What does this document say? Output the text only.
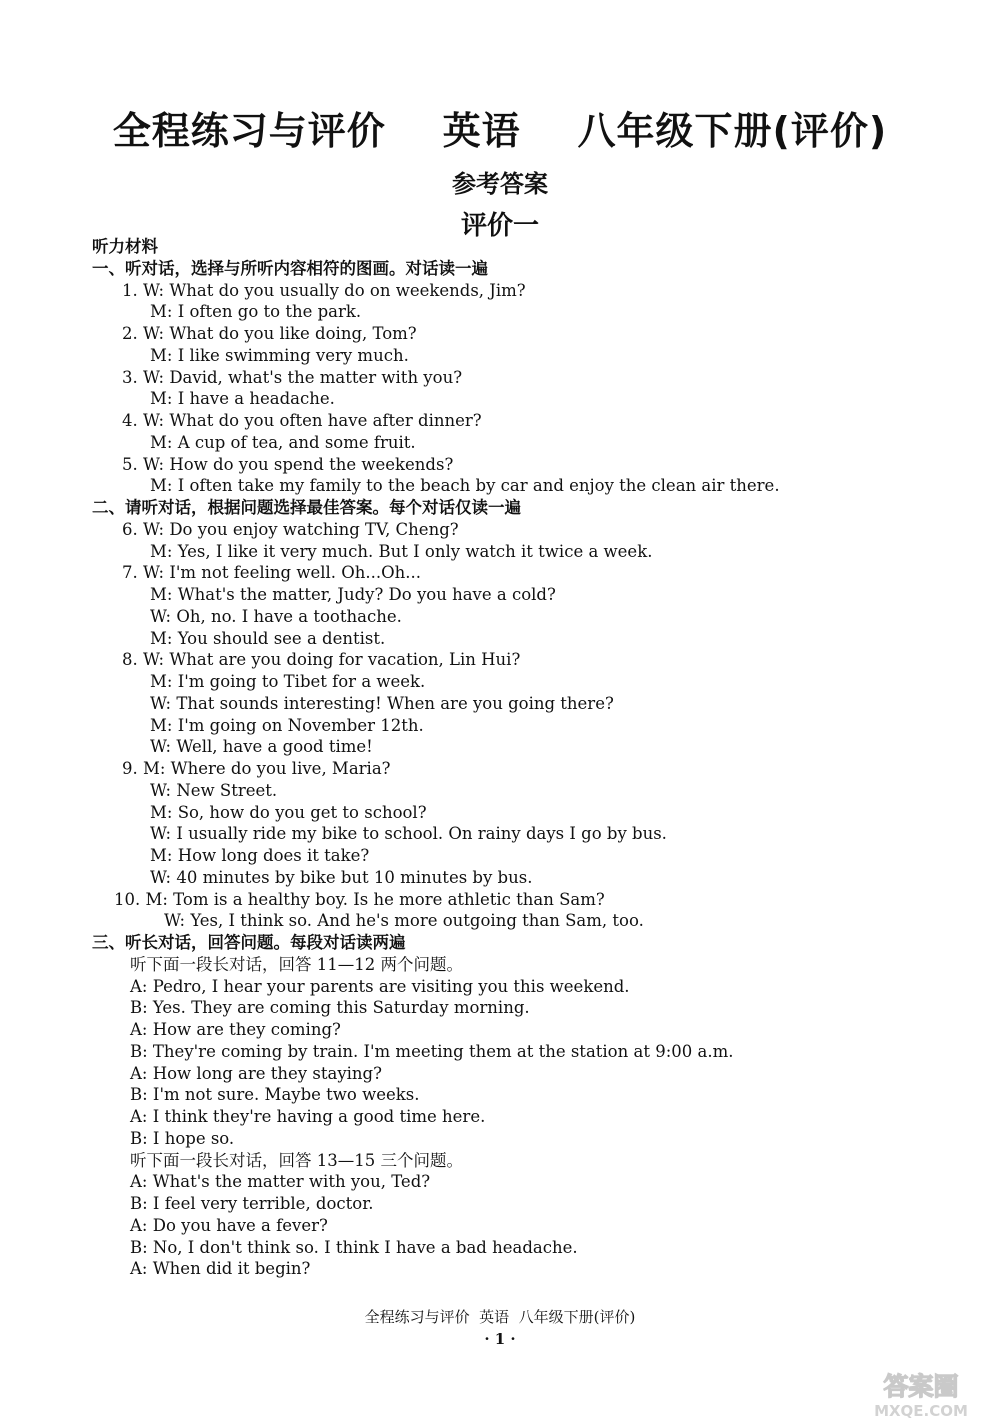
全程练习与评价    英语    八年级下册(评价)
参考答案
评价一
听力材料
一、听对话，选择与所听内容相符的图画。对话读一遍
1. W: What do you usually do on weekends, Jim?
M: I often go to the park.
2. W: What do you like doing, Tom?
M: I like swimming very much.
3. W: David, what's the matter with you?
M: I have a headache.
4. W: What do you often have after dinner?
M: A cup of tea, and some fruit.
5. W: How do you spend the weekends?
M: I often take my family to the beach by car and enjoy the clean air there.
二、请听对话，根据问题选择最佳答案。每个对话仅读一遍
6. W: Do you enjoy watching TV, Cheng?
M: Yes, I like it very much. But I only watch it twice a week.
7. W: I'm not feeling well. Oh...Oh...
M: What's the matter, Judy? Do you have a cold?
W: Oh, no. I have a toothache.
M: You should see a dentist.
8. W: What are you doing for vacation, Lin Hui?
M: I'm going to Tibet for a week.
W: That sounds interesting! When are you going there?
M: I'm going on November 12th.
W: Well, have a good time!
9. M: Where do you live, Maria?
W: New Street.
M: So, how do you get to school?
W: I usually ride my bike to school. On rainy days I go by bus.
M: How long does it take?
W: 40 minutes by bike but 10 minutes by bus.
10. M: Tom is a healthy boy. Is he more athletic than Sam?
W: Yes, I think so. And he's more outgoing than Sam, too.
三、听长对话，回答问题。每段对话读两遍
听下面一段长对话，回答 11—12 两个问题。
A: Pedro, I hear your parents are visiting you this weekend.
B: Yes. They are coming this Saturday morning.
A: How are they coming?
B: They're coming by train. I'm meeting them at the station at 9:00 a.m.
A: How long are they staying?
B: I'm not sure. Maybe two weeks.
A: I think they're having a good time here.
B: I hope so.
听下面一段长对话，回答 13—15 三个问题。
A: What's the matter with you, Ted?
B: I feel very terrible, doctor.
A: Do you have a fever?
B: No, I don't think so. I think I have a bad headache.
A: When did it begin?
全程练习与评价  英语  八年级下册(评价)
· 1 ·
答案圈
MXQE.COM
